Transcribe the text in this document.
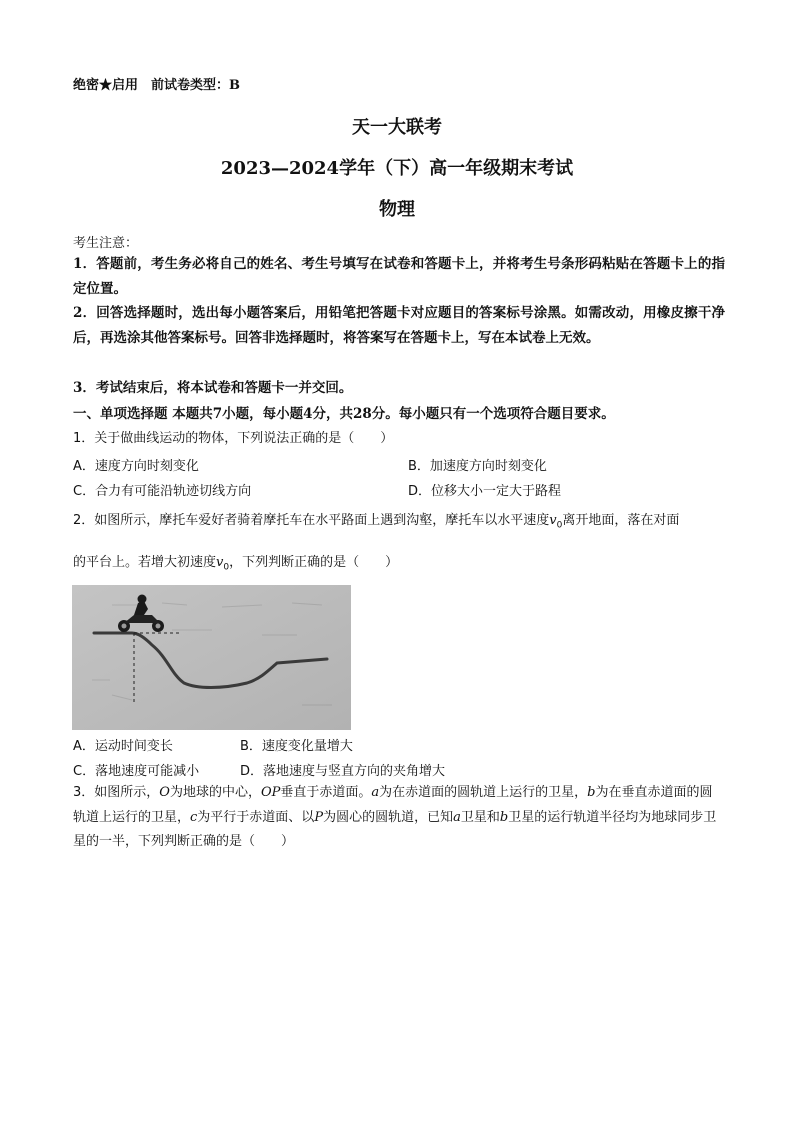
绝密★启用　前试卷类型：B
天一大联考
2023—2024学年（下）高一年级期末考试
物理
考生注意：
1．答题前，考生务必将自己的姓名、考生号填写在试卷和答题卡上，并将考生号条形码粘贴在答题卡上的指定位置。
2．回答选择题时，选出每小题答案后，用铅笔把答题卡对应题目的答案标号涂黑。如需改动，用橡皮擦干净后，再选涂其他答案标号。回答非选择题时，将答案写在答题卡上，写在本试卷上无效。
3．考试结束后，将本试卷和答题卡一并交回。
一、单项选择题 本题共7小题，每小题4分，共28分。每小题只有一个选项符合题目要求。
1．关于做曲线运动的物体，下列说法正确的是（　　）
A．速度方向时刻变化	B．加速度方向时刻变化
C．合力有可能沿轨迹切线方向	D．位移大小一定大于路程
2．如图所示，摩托车爱好者骑着摩托车在水平路面上遇到沟壑，摩托车以水平速度$v_0$离开地面，落在对面
的平台上。若增大初速度$v_0$，下列判断正确的是（　　）
A．运动时间变长	B．速度变化量增大
C．落地速度可能减小	D．落地速度与竖直方向的夹角增大
3．如图所示，O为地球的中心，OP垂直于赤道面。a为在赤道面的圆轨道上运行的卫星，b为在垂直赤道面的圆轨道上运行的卫星，c为平行于赤道面、以P为圆心的圆轨道，已知a卫星和b卫星的运行轨道半径均为地球同步卫星的一半，下列判断正确的是（　　）
